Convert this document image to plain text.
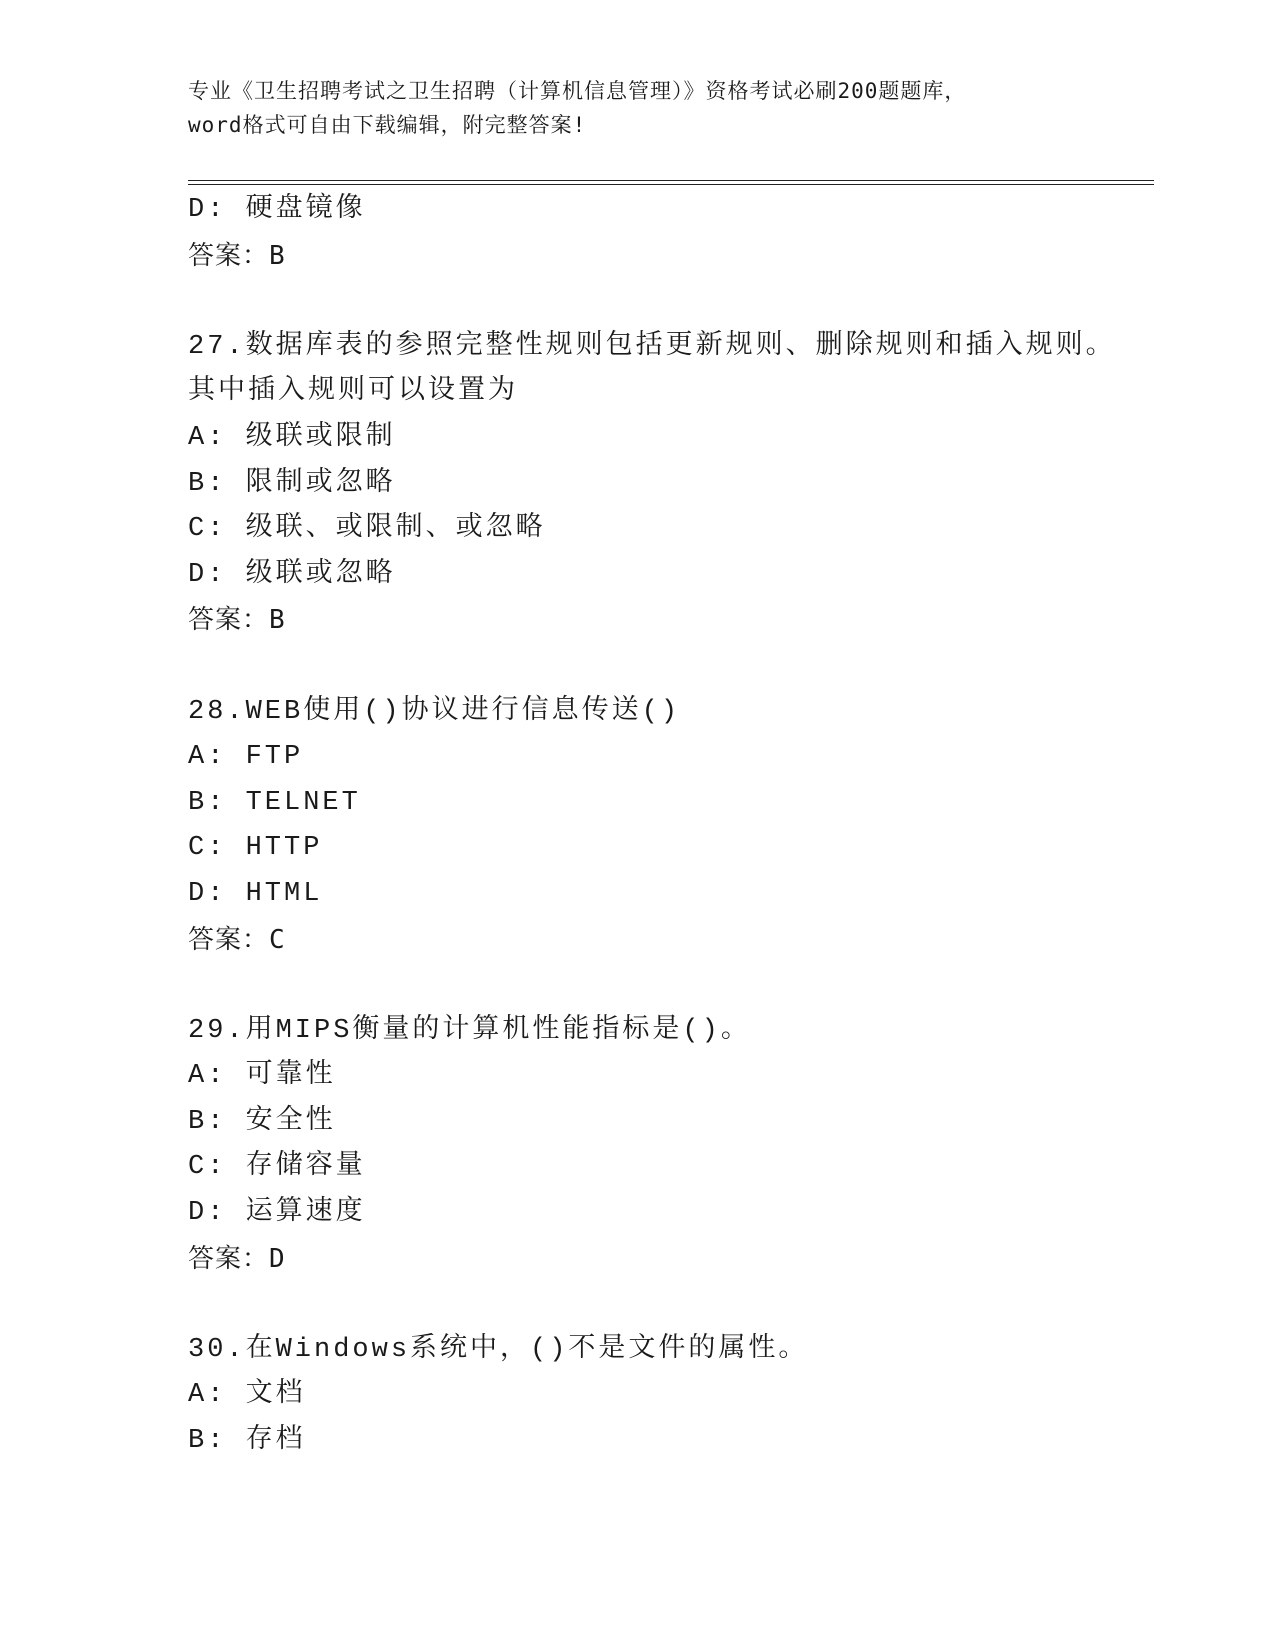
专业《卫生招聘考试之卫生招聘（计算机信息管理）》资格考试必刷200题题库，
word格式可自由下载编辑，附完整答案!
D: 硬盘镜像
答案：B
27.数据库表的参照完整性规则包括更新规则、删除规则和插入规则。
其中插入规则可以设置为
A: 级联或限制
B: 限制或忽略
C: 级联、或限制、或忽略
D: 级联或忽略
答案：B
28.WEB使用()协议进行信息传送()
A: FTP
B: TELNET
C: HTTP
D: HTML
答案：C
29.用MIPS衡量的计算机性能指标是()。
A: 可靠性
B: 安全性
C: 存储容量
D: 运算速度
答案：D
30.在Windows系统中，()不是文件的属性。
A: 文档
B: 存档
